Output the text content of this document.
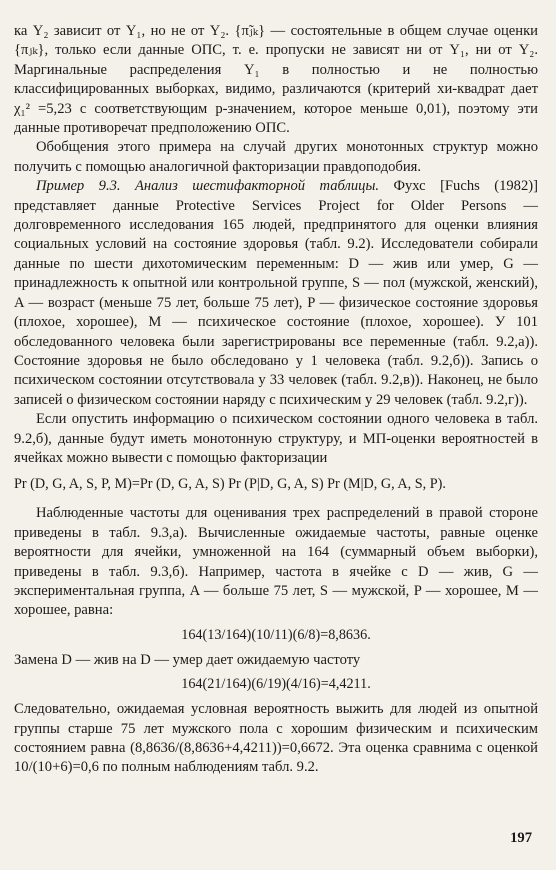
ка Y₂ зависит от Y₁, но не от Y₂. {π̃ⱼₖ} — состоятельные в общем случае оценки {πⱼₖ}, только если данные ОПС, т. е. пропуски не зависят ни от Y₁, ни от Y₂. Маргинальные распределения Y₁ в полностью и не полностью классифицированных выборках, видимо, различаются (критерий хи-квадрат дает χ₁² =5,23 с соответствующим p-значением, которое меньше 0,01), поэтому эти данные противоречат предположению ОПС.

Обобщения этого примера на случай других монотонных структур можно получить с помощью аналогичной факторизации правдоподобия.

Пример 9.3. Анализ шестифакторной таблицы. Фухс [Fuchs (1982)] представляет данные Protective Services Project for Older Persons — долговременного исследования 165 людей, предпринятого для оценки влияния социальных условий на состояние здоровья (табл. 9.2). Исследователи собирали данные по шести дихотомическим переменным: D — жив или умер, G — принадлежность к опытной или контрольной группе, S — пол (мужской, женский), A — возраст (меньше 75 лет, больше 75 лет), P — физическое состояние здоровья (плохое, хорошее), M — психическое состояние (плохое, хорошее). У 101 обследованного человека были зарегистрированы все переменные (табл. 9.2,а)). Состояние здоровья не было обследовано у 1 человека (табл. 9.2,б)). Запись о психическом состоянии отсутствовала у 33 человек (табл. 9.2,в)). Наконец, не было записей о физическом состоянии наряду с психическим у 29 человек (табл. 9.2,г)).

Если опустить информацию о психическом состоянии одного человека в табл. 9.2,б), данные будут иметь монотонную структуру, и МП-оценки вероятностей в ячейках можно вывести с помощью факторизации

Pr (D, G, A, S, P, M)=Pr (D, G, A, S) Pr (P|D, G, A, S) Pr (M|D, G, A, S, P).

Наблюденные частоты для оценивания трех распределений в правой стороне приведены в табл. 9.3,а). Вычисленные ожидаемые частоты, равные оценке вероятности для ячейки, умноженной на 164 (суммарный объем выборки), приведены в табл. 9.3,б). Например, частота в ячейке с D — жив, G — экспериментальная группа, A — больше 75 лет, S — мужской, P — хорошее, M — хорошее, равна:

164(13/164)(10/11)(6/8)=8,8636.

Замена D — жив на D — умер дает ожидаемую частоту

164(21/164)(6/19)(4/16)=4,4211.

Следовательно, ожидаемая условная вероятность выжить для людей из опытной группы старше 75 лет мужского пола с хорошим физическим и психическим состоянием равна (8,8636/(8,8636+4,4211))=0,6672. Эта оценка сравнима с оценкой 10/(10+6)=0,6 по полным наблюдениям табл. 9.2.

197
